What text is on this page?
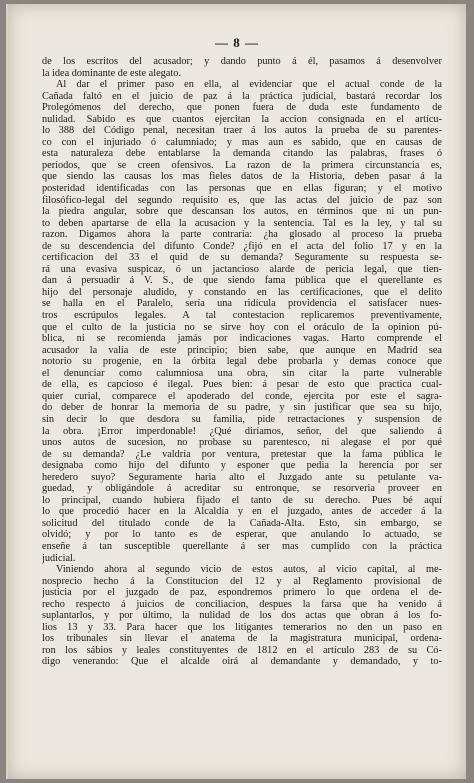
— 8 —
de los escritos del acusador; y dando punto á él, pasamos á desenvolver
la idea dominante de este alegato.
Al dar el primer paso en ella, al evidenciar que el actual conde de la
Cañada faltó en el juicio de paz á la práctica judicial, bastará recordar los
Prolegómenos del derecho, que ponen fuera de duda este fundamento de
nulidad. Sabido es que cuantos ejercitan la accion consignada en el artícu-
lo 388 del Código penal, necesitan traer á los autos la prueba de su parentes-
co con el injuriado ó calumniado; y mas aun es sabido, que en causas de
esta naturaleza debe entablarse la demanda citando las palabras, frases ó
períodos, que se creen ofensivos. La razon de la primera circunstancia es,
que siendo las causas los mas fieles datos de la Historia, deben pasar á la
posteridad identificadas con las personas que en ellas figuran; y el motivo
filosófico-legal del segundo requisito es, que las actas del juicio de paz son
la piedra angular, sobre que descansan los autos, en términos que ni un pun-
to deben apartarse de ella la acusacion y la sentencia. Tal es la ley, y tal su
razon. Digamos ahora la parte contraria: ¿ha glosado al proceso la prueba
de su descendencia del difunto Conde? ¿fijó en el acta del folio 17 y en la
certificacion del 33 el quid de su demanda? Seguramente su respuesta se-
rá una evasiva suspicaz, ó un jactancioso alarde de pericia legal, que tien-
dan á persuadir á V. S., de que siendo fama pública que el querellante es
hijo del personaje aludido, y constando en las certificaciones, que el delito
se halla en el Paralelo, sería una ridícula providencia el satisfacer nues-
tros escrúpulos legales. A tal contestacion replicaremos preventivamente,
que el culto de la justicia no se sirve hoy con el oráculo de la opinion pú-
blica, ni se recomienda jamás por indicaciones vagas. Harto comprende el
acusador la valía de este principio; bien sabe, que aunque en Madrid sea
notorio su progenie, en la órbita legal debe probarla y demas conoce que
el denunciar como calumniosa una obra, sin citar la parte vulnerable
de ella, es capcioso é ilegal. Pues bien: á pesar de esto que practica cual-
quier curial, comparece el apoderado del conde, ejercita por este el sagra-
do deber de honrar la memoria de su padre, y sin justificar que sea su hijo,
sin decir lo que desdora su familia, pide retractaciones y suspension de
la obra. ¡Error imperdonable! ¿Qué diríamos, señor, del que saliendo á
unos autos de sucesion, no probase su parentesco, ni alegase el por qué
de su demanda? ¿Le valdría por ventura, pretestar que la fama pública le
designaba como hijo del difunto y esponer que pedia la herencia por ser
heredero suyo? Seguramente haria alto el Juzgado ante su petulante va-
guedad, y obligándole á acreditar su entronque, se resorveria proveer en
lo principal, cuando hubiera fijado el tanto de su derecho. Pues bé aquí
lo que procedió hacer en la Alcaldía y en el juzgado, antes de acceder á la
solicitud del titulado conde de la Cañada-Alta. Esto, sin embargo, se
olvidó; y por lo tanto es de esperar, que anulando lo actuado, se
enseñe á tan susceptible querellante á ser mas cumplido con la práctica
judicial.
Viniendo ahora al segundo vicio de estos autos, al vicio capital, al me-
nosprecio hecho á la Constitucion del 12 y al Reglamento provisional de
justicia por el juzgado de paz, espondremos primero lo que ordena el de-
recho respecto á juicios de conciliacion, despues la farsa que ha venido á
suplantarlos, y por último, la nulidad de los dos actas que obran á los fo-
lios 13 y 33. Para hacer que los litigantes temerarios no den un paso en
los tribunales sin llevar el anatema de la magistratura municipal, ordena-
ron los sábios y leales constituyentes de 1812 en el artículo 283 de su Có-
digo venerando: Que el alcalde oirá al demandante y demandado, y to-
